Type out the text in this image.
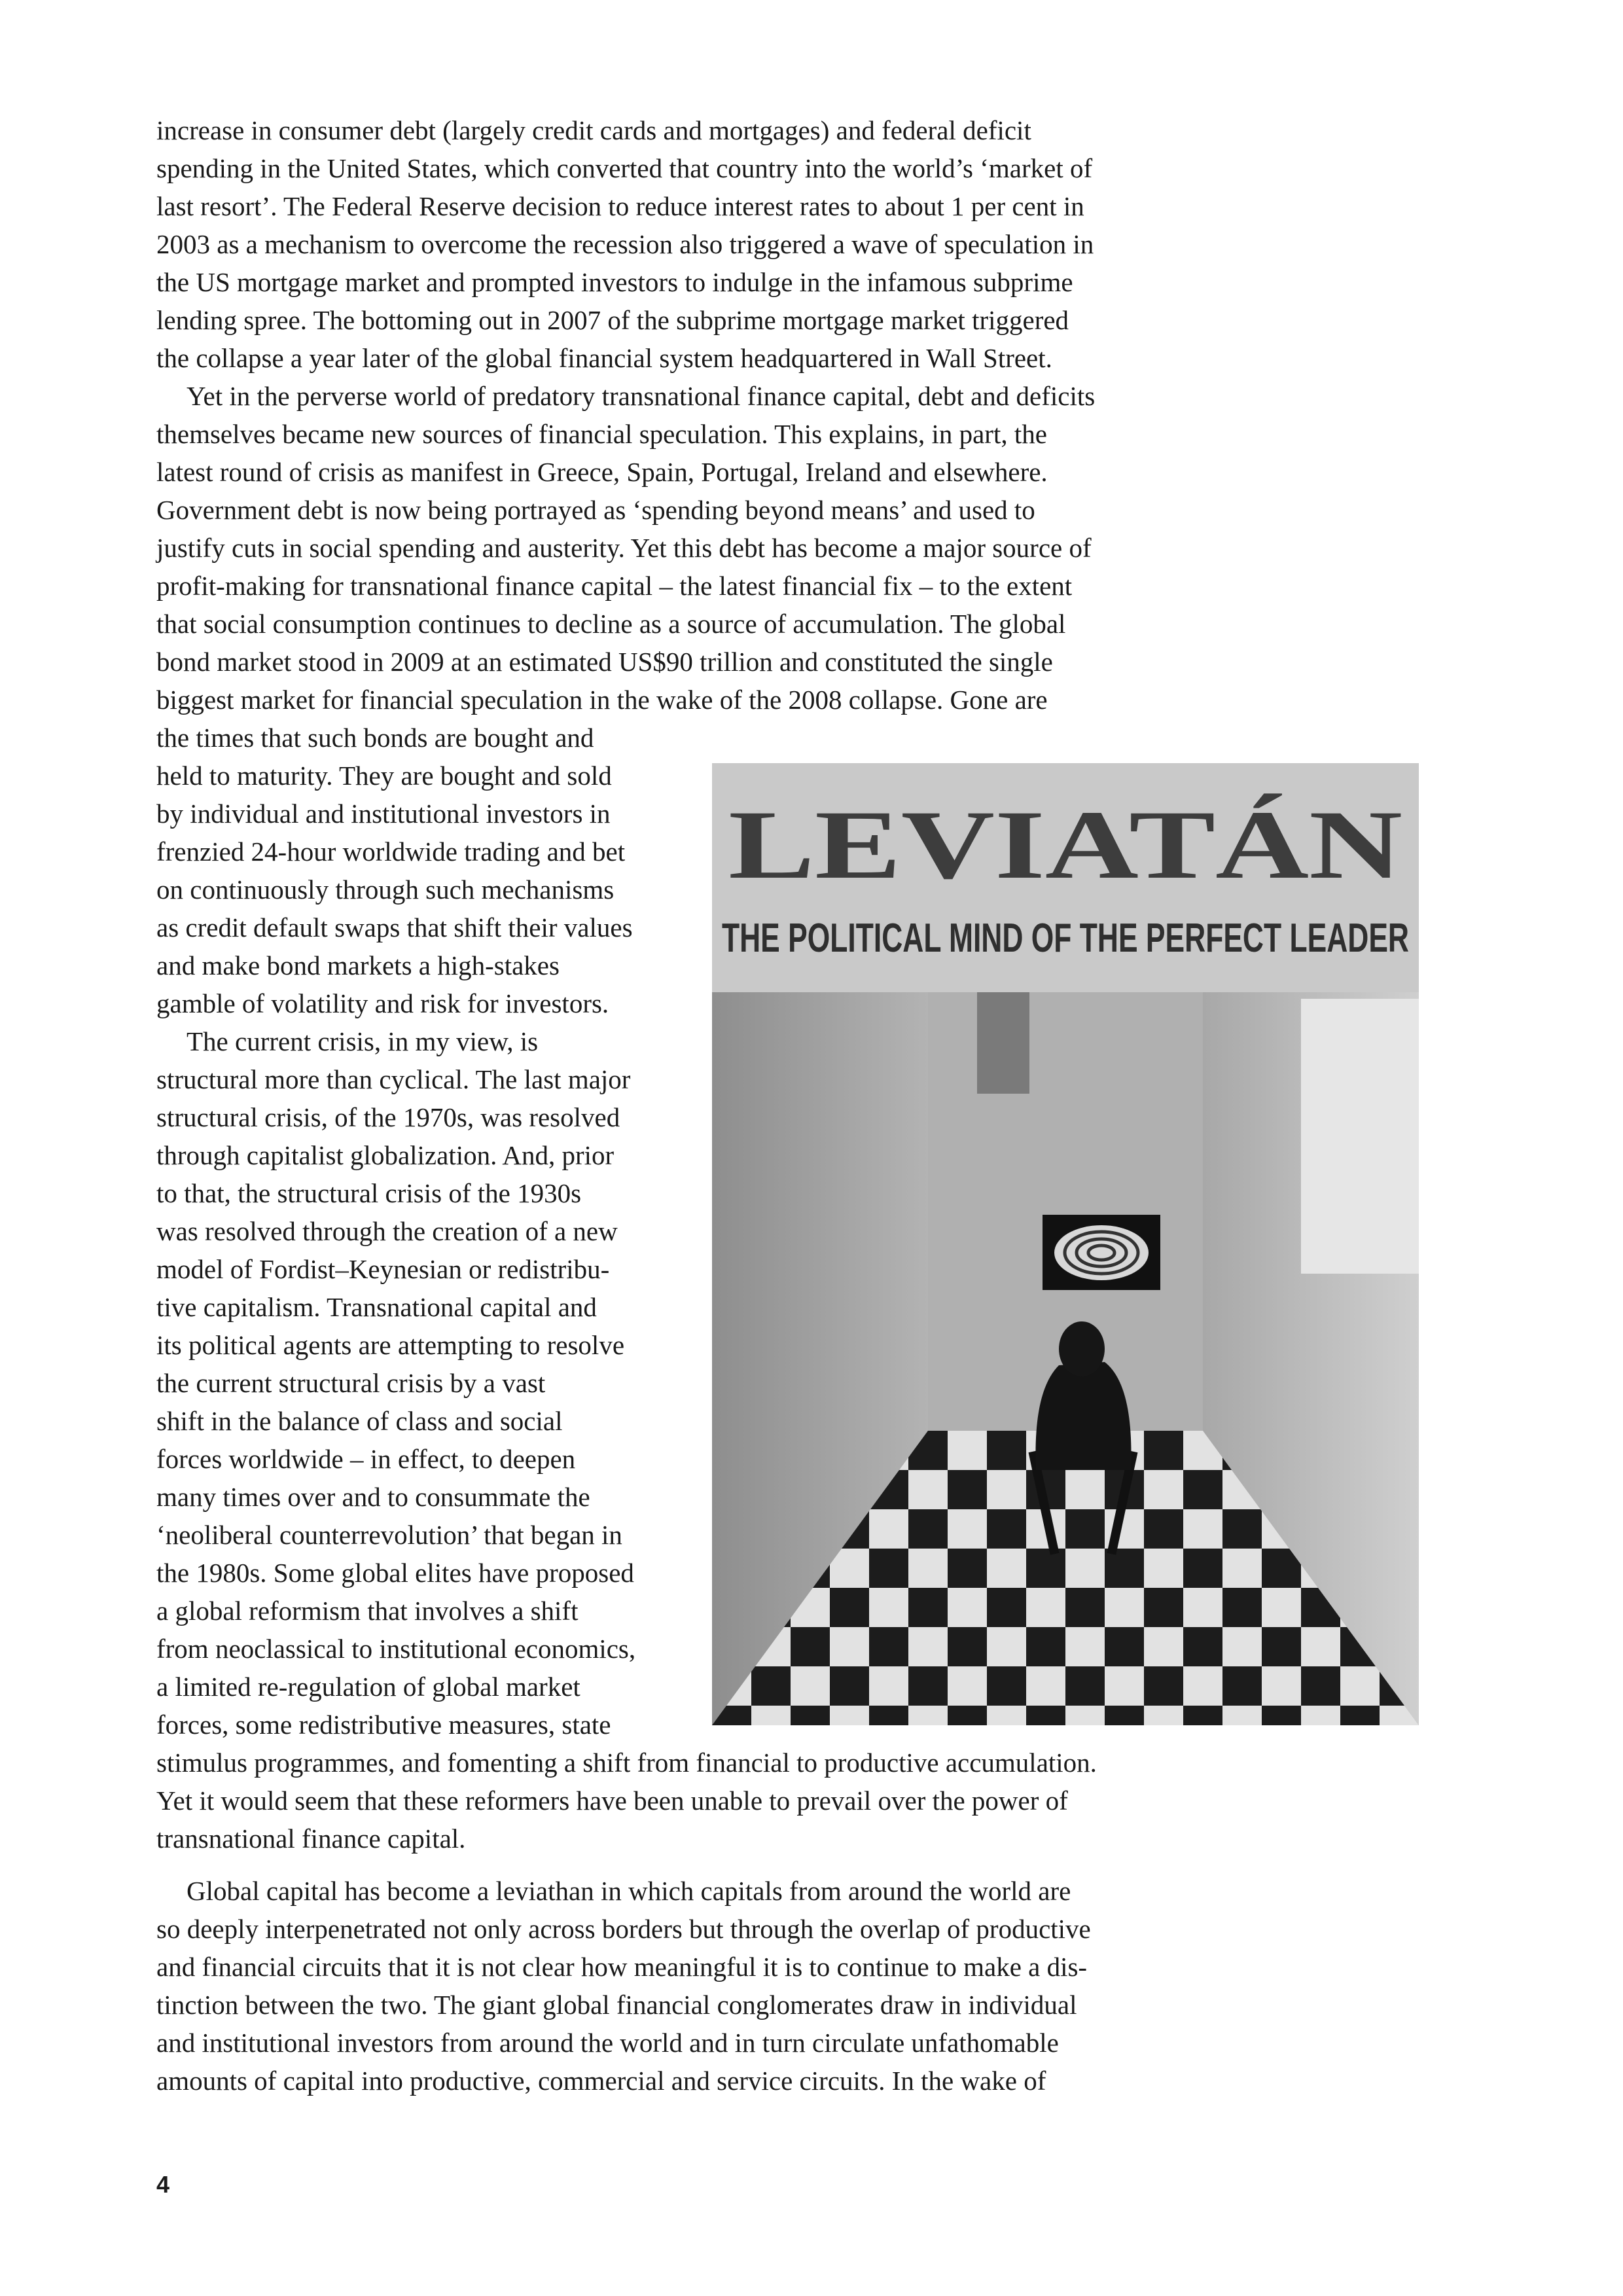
increase in consumer debt (largely credit cards and mortgages) and federal deficit

spending in the United States, which converted that country into the world’s ‘market of

last resort’. The Federal Reserve decision to reduce interest rates to about 1 per cent in

2003 as a mechanism to overcome the recession also triggered a wave of speculation in

the US mortgage market and prompted investors to indulge in the infamous subprime

lending spree. The bottoming out in 2007 of the subprime mortgage market triggered

the collapse a year later of the global financial system headquartered in Wall Street.

Yet in the perverse world of predatory transnational finance capital, debt and deficits

themselves became new sources of financial speculation. This explains, in part, the

latest round of crisis as manifest in Greece, Spain, Portugal, Ireland and elsewhere.

Government debt is now being portrayed as ‘spending beyond means’ and used to

justify cuts in social spending and austerity. Yet this debt has become a major source of

profit-making for transnational finance capital – the latest financial fix – to the extent

that social consumption continues to decline as a source of accumulation. The global

bond market stood in 2009 at an estimated US$90 trillion and constituted the single

biggest market for financial speculation in the wake of the 2008 collapse. Gone are

the times that such bonds are bought and

held to maturity. They are bought and sold

by individual and institutional investors in

frenzied 24-hour worldwide trading and bet

on continuously through such mechanisms

as credit default swaps that shift their values

and make bond markets a high-stakes

gamble of volatility and risk for investors.

The current crisis, in my view, is

structural more than cyclical. The last major

structural crisis, of the 1970s, was resolved

through capitalist globalization. And, prior

to that, the structural crisis of the 1930s

was resolved through the creation of a new

model of Fordist–Keynesian or redistribu-

tive capitalism. Transnational capital and

its political agents are attempting to resolve

the current structural crisis by a vast

shift in the balance of class and social

forces worldwide – in effect, to deepen

many times over and to consummate the

‘neoliberal counterrevolution’ that began in

the 1980s. Some global elites have proposed

a global reformism that involves a shift

from neoclassical to institutional economics,

a limited re-regulation of global market

forces, some redistributive measures, state

stimulus programmes, and fomenting a shift from financial to productive accumulation.

Yet it would seem that these reformers have been unable to prevail over the power of

transnational finance capital.

Global capital has become a leviathan in which capitals from around the world are

so deeply interpenetrated not only across borders but through the overlap of productive

and financial circuits that it is not clear how meaningful it is to continue to make a dis-

tinction between the two. The giant global financial conglomerates draw in individual

and institutional investors from around the world and in turn circulate unfathomable

amounts of capital into productive, commercial and service circuits. In the wake of

LEVIATÁN
THE POLITICAL MIND OF THE PERFECT LEADER
4
